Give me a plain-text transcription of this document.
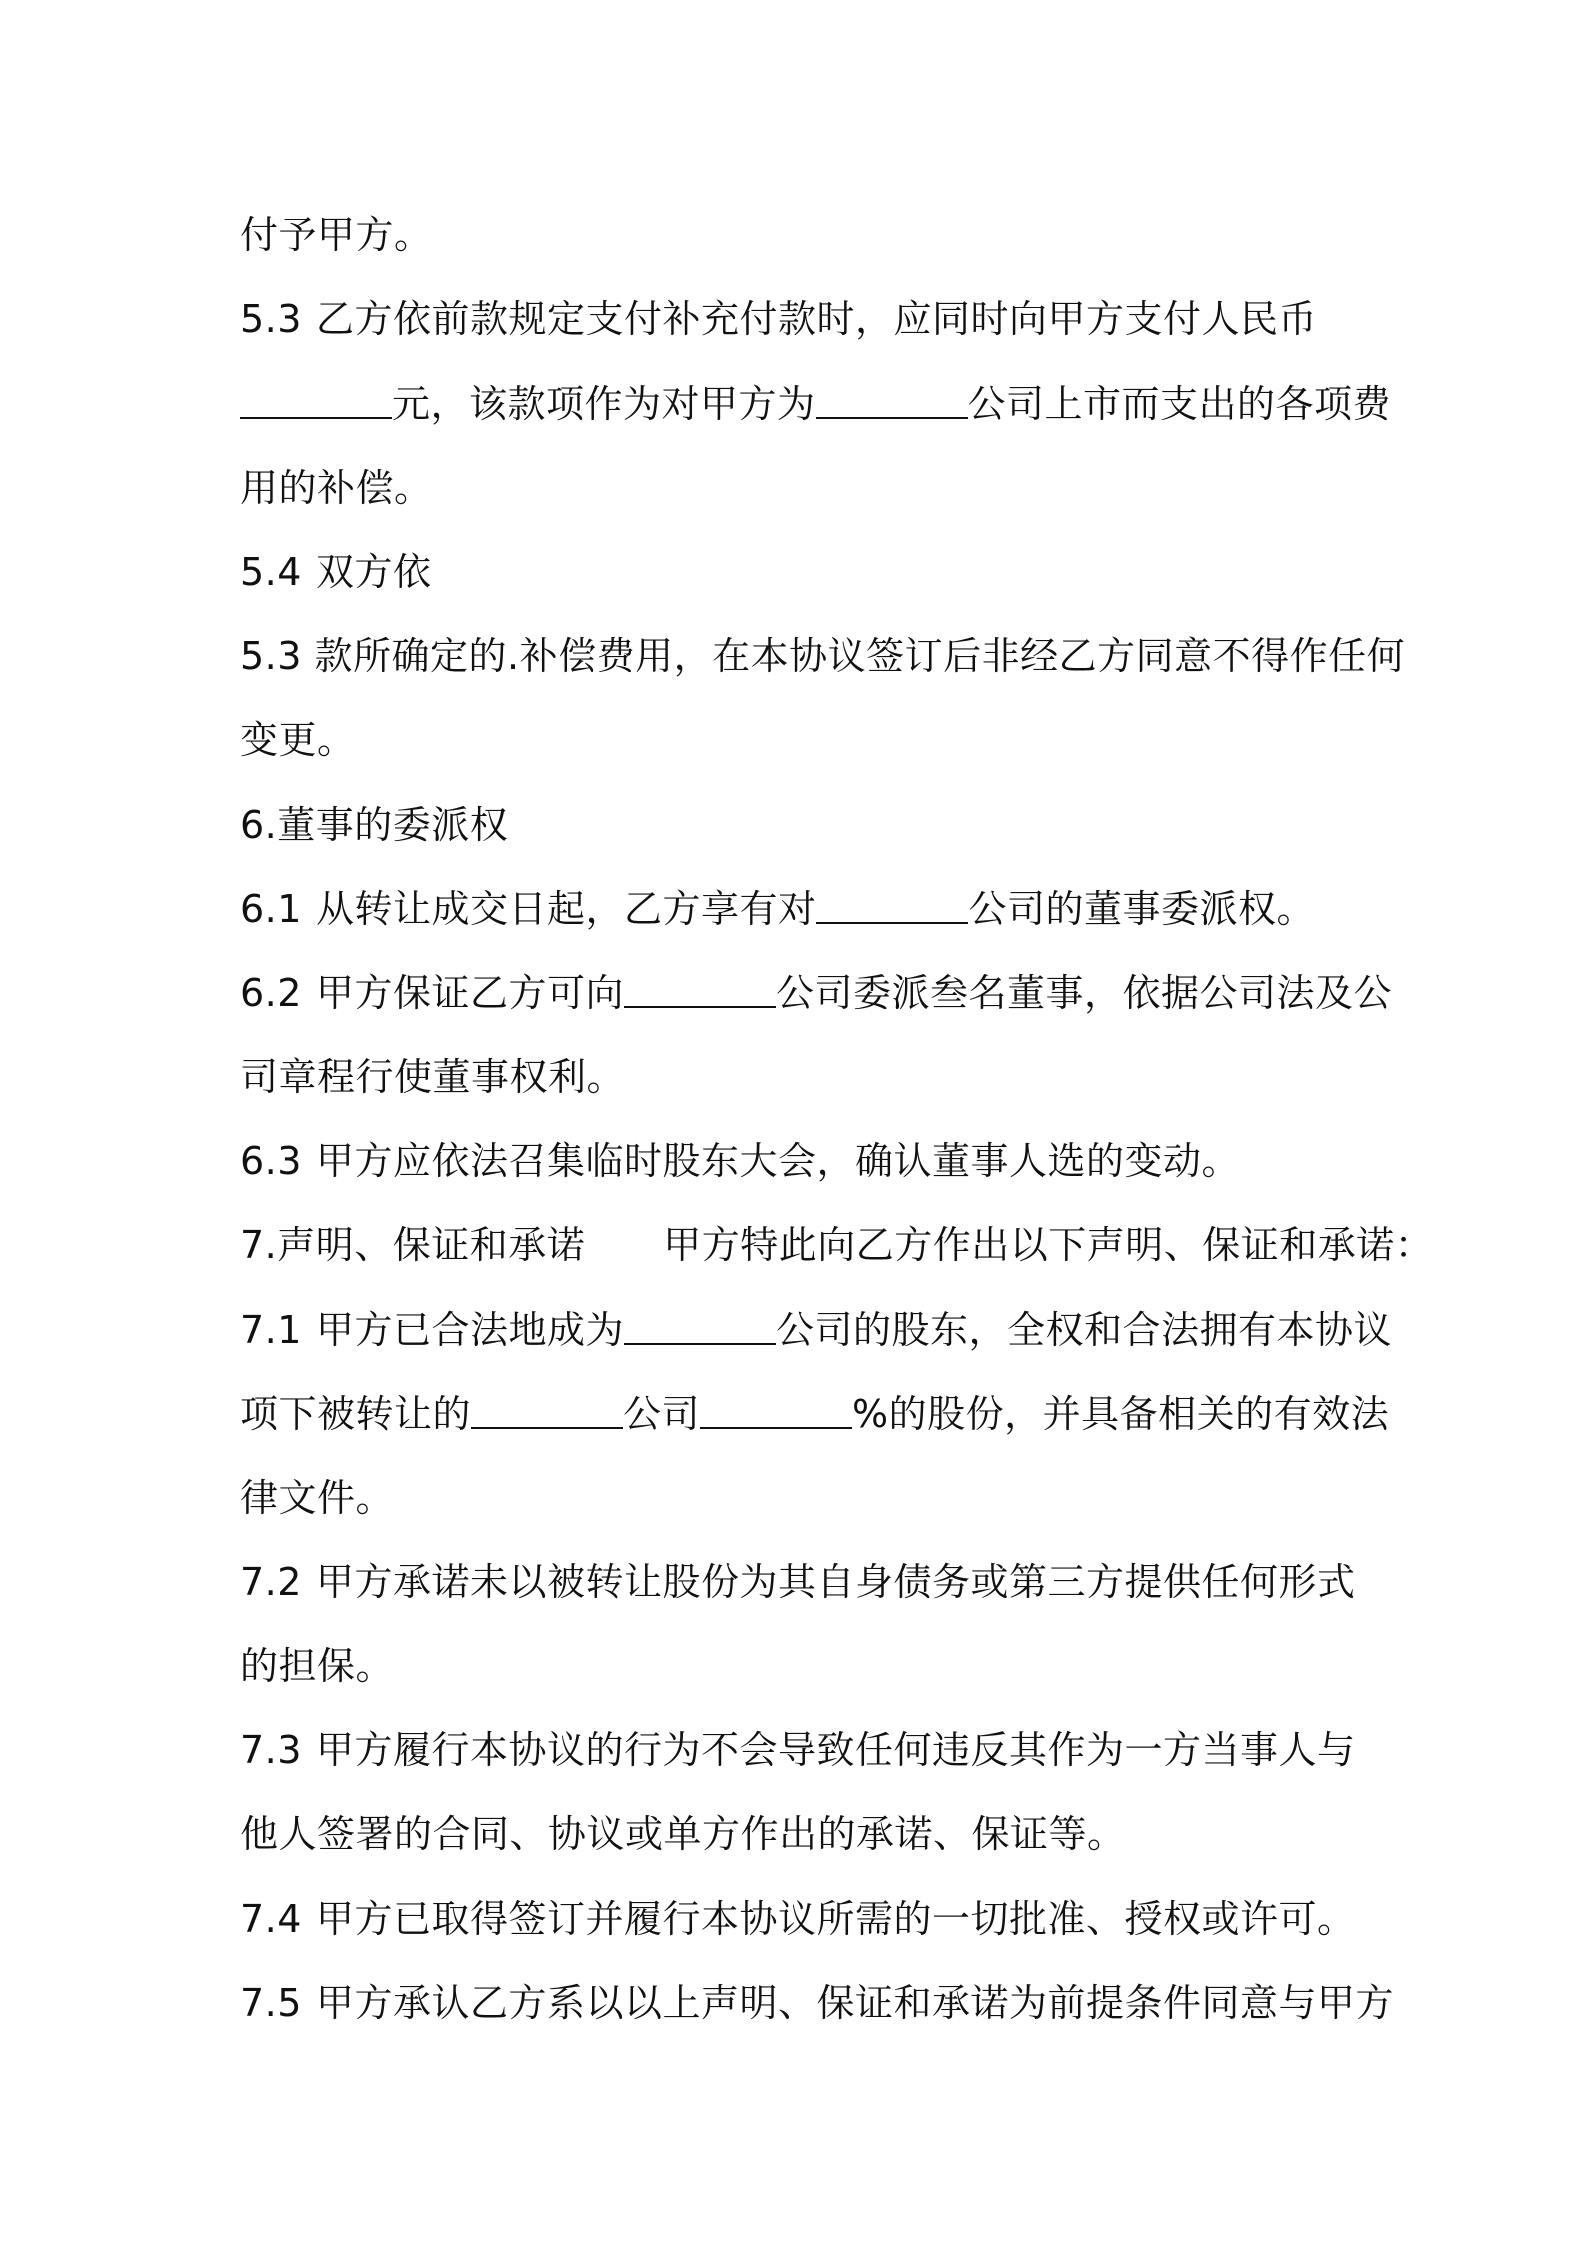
付予甲方。
5.3 乙方依前款规定支付补充付款时，应同时向甲方支付人民币
元，该款项作为对甲方为	公司上市而支出的各项费
用的补偿。
5.4 双方依
5.3 款所确定的.补偿费用，在本协议签订后非经乙方同意不得作任何
变更。
6.董事的委派权
6.1 从转让成交日起，乙方享有对	公司的董事委派权。
6.2 甲方保证乙方可向	公司委派叁名董事，依据公司法及公
司章程行使董事权利。
6.3 甲方应依法召集临时股东大会，确认董事人选的变动。
7.声明、保证和承诺 甲方特此向乙方作出以下声明、保证和承诺：
7.1 甲方已合法地成为	公司的股东，全权和合法拥有本协议
项下被转让的	公司	%的股份，并具备相关的有效法
律文件。
7.2 甲方承诺未以被转让股份为其自身债务或第三方提供任何形式
的担保。
7.3 甲方履行本协议的行为不会导致任何违反其作为一方当事人与
他人签署的合同、协议或单方作出的承诺、保证等。
7.4 甲方已取得签订并履行本协议所需的一切批准、授权或许可。
7.5 甲方承认乙方系以以上声明、保证和承诺为前提条件同意与甲方
